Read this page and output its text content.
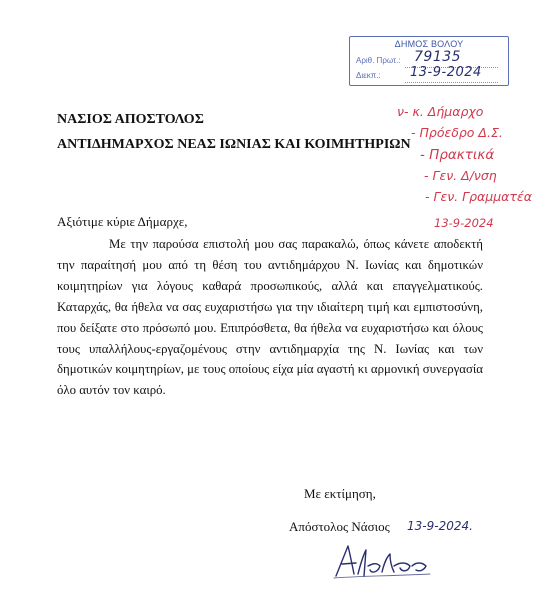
ΔΗΜΟΣ ΒΟΛΟΥ
Αριθ. Πρωτ.: 79135
Διεκπ.: 13-9-2024
ΝΑΣΙΟΣ ΑΠΟΣΤΟΛΟΣ
ΑΝΤΙΔΗΜΑΡΧΟΣ ΝΕΑΣ ΙΩΝΙΑΣ ΚΑΙ ΚΟΙΜΗΤΗΡΙΩΝ
ν- κ. Δήμαρχο
- Πρόεδρο Δ.Σ.
- Πρακτικά
- Γεν. Δ/νση
- Γεν. Γραμματέα
13-9-2024
Αξιότιμε κύριε Δήμαρχε,

Με την παρούσα επιστολή μου σας παρακαλώ, όπως κάνετε αποδεκτή την παραίτησή μου από τη θέση του αντιδημάρχου Ν. Ιωνίας και δημοτικών κοιμητηρίων για λόγους καθαρά προσωπικούς, αλλά και επαγγελματικούς. Καταρχάς, θα ήθελα να σας ευχαριστήσω για την ιδιαίτερη τιμή και εμπιστοσύνη, που δείξατε στο πρόσωπό μου. Επιπρόσθετα, θα ήθελα να ευχαριστήσω και όλους τους υπαλλήλους-εργαζομένους στην αντιδημαρχία της Ν. Ιωνίας και των δημοτικών κοιμητηρίων, με τους οποίους είχα μία αγαστή κι αρμονική συνεργασία όλο αυτόν τον καιρό.

Με εκτίμηση,
Απόστολος Νάσιος 13-9-2024.
